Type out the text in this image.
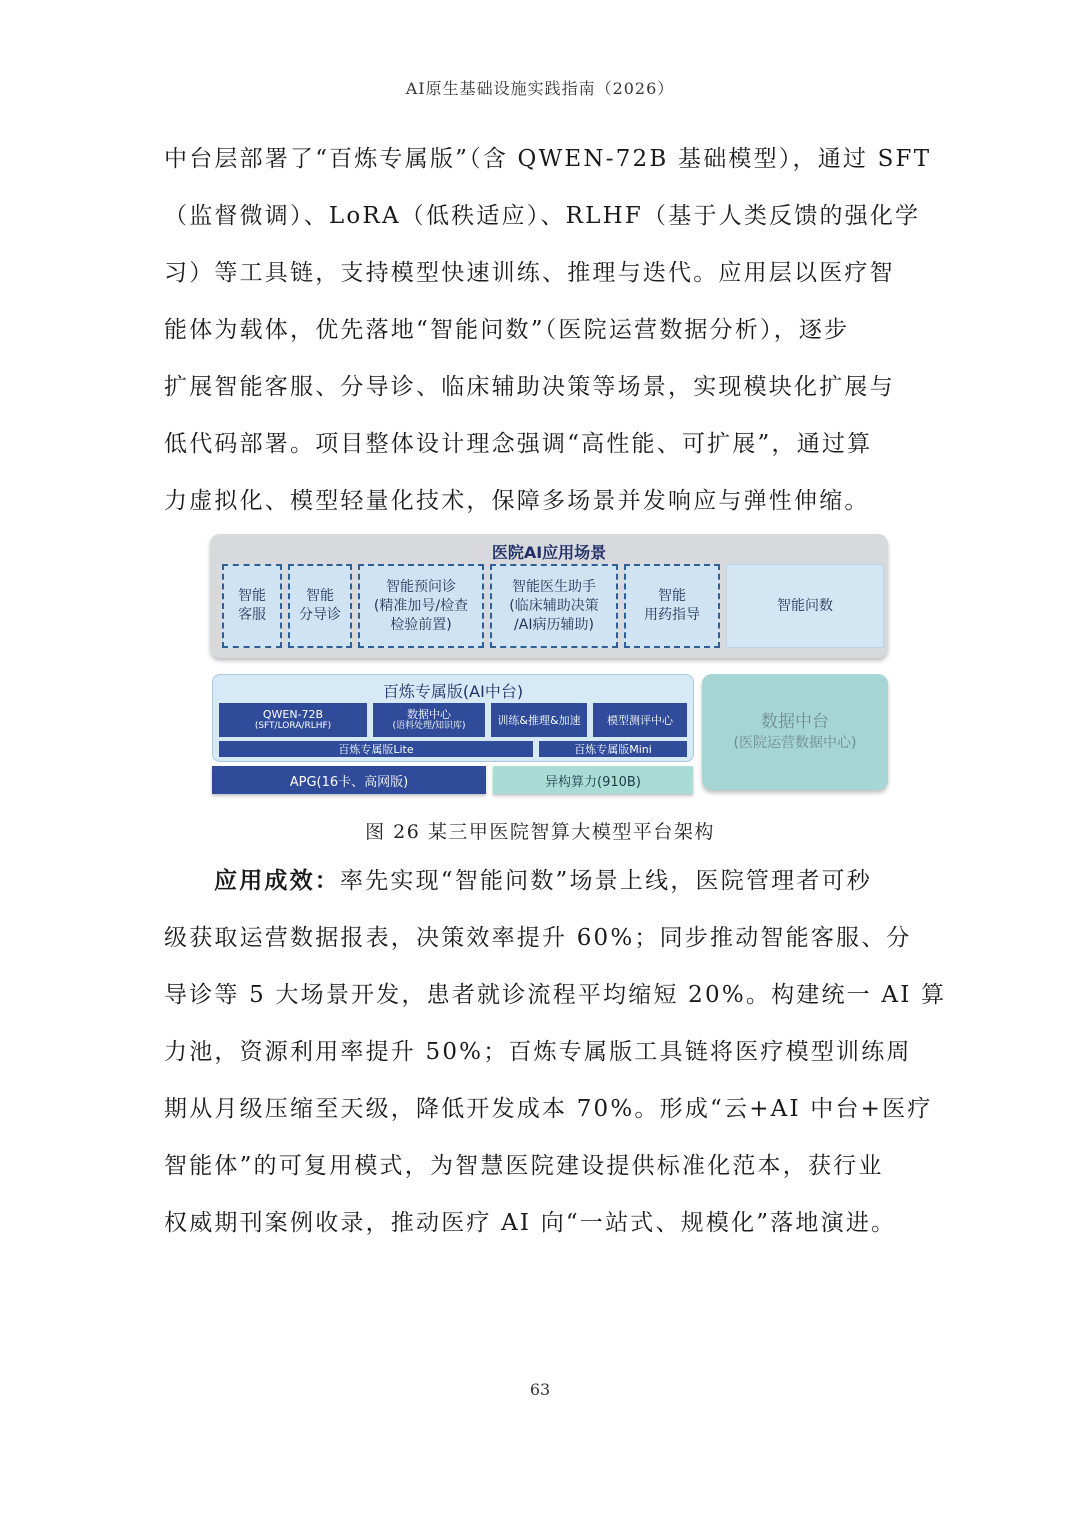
AI原生基础设施实践指南（2026）
中台层部署了“百炼专属版”（含 QWEN-72B 基础模型），通过 SFT
（监督微调）、LoRA（低秩适应）、RLHF（基于人类反馈的强化学
习）等工具链，支持模型快速训练、推理与迭代。应用层以医疗智
能体为载体，优先落地“智能问数”（医院运营数据分析），逐步
扩展智能客服、分导诊、临床辅助决策等场景，实现模块化扩展与
低代码部署。项目整体设计理念强调“高性能、可扩展”，通过算
力虚拟化、模型轻量化技术，保障多场景并发响应与弹性伸缩。
医院AI应用场景
智能
客服
智能
分导诊
智能预问诊
(精准加号/检查
检验前置)
智能医生助手
(临床辅助决策
/AI病历辅助)
智能
用药指导
智能问数
百炼专属版(AI中台)
QWEN-72B
(SFT/LORA/RLHF)
数据中心
(语料处理/知识库)	训练&推理&加速 模型测评中心
百炼专属版Lite	百炼专属版Mini
数据中台
(医院运营数据中心)
APG(16卡、高网版)	异构算力(910B)
图 26 某三甲医院智算大模型平台架构
应用成效：率先实现“智能问数”场景上线，医院管理者可秒
级获取运营数据报表，决策效率提升 60%；同步推动智能客服、分
导诊等 5 大场景开发，患者就诊流程平均缩短 20%。构建统一 AI 算
力池，资源利用率提升 50%；百炼专属版工具链将医疗模型训练周
期从月级压缩至天级，降低开发成本 70%。形成“云+AI 中台+医疗
智能体”的可复用模式，为智慧医院建设提供标准化范本，获行业
权威期刊案例收录，推动医疗 AI 向“一站式、规模化”落地演进。
63
